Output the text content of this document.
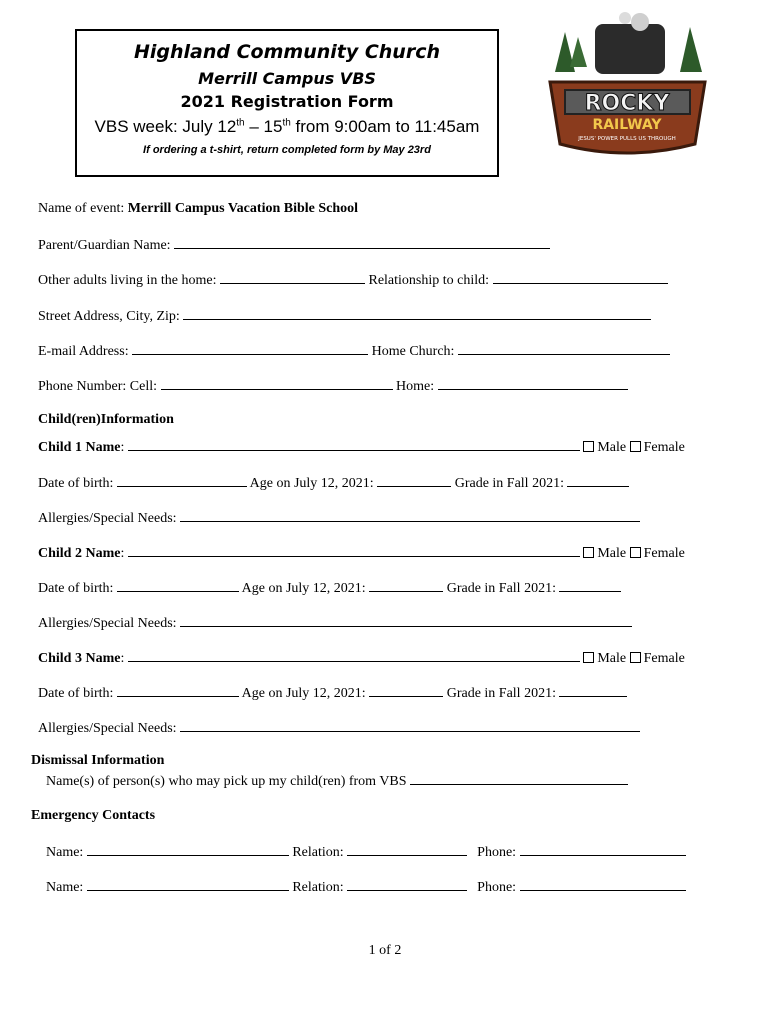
Highland Community Church
Merrill Campus VBS
2021 Registration Form
VBS week: July 12th – 15th from 9:00am to 11:45am
If ordering a t-shirt, return completed form by May 23rd
ROCKY
RAILWAY
JESUS' POWER PULLS US THROUGH
Name of event: Merrill Campus Vacation Bible School
Parent/Guardian Name:
Other adults living in the home:	Relationship to child:
Street Address, City, Zip:
E-mail Address:	Home Church:
Phone Number: Cell:	Home:
Child(ren)Information
Child 1 Name:	Male Female
Date of birth:	Age on July 12, 2021:	Grade in Fall 2021:
Allergies/Special Needs:
Child 2 Name:	Male Female
Date of birth:	Age on July 12, 2021:	Grade in Fall 2021:
Allergies/Special Needs:
Child 3 Name:	Male Female
Date of birth:	Age on July 12, 2021:	Grade in Fall 2021:
Allergies/Special Needs:
Dismissal Information
Name(s) of person(s) who may pick up my child(ren) from VBS
Emergency Contacts
Name:	Relation:	Phone:
Name:	Relation:	Phone:
1 of 2
